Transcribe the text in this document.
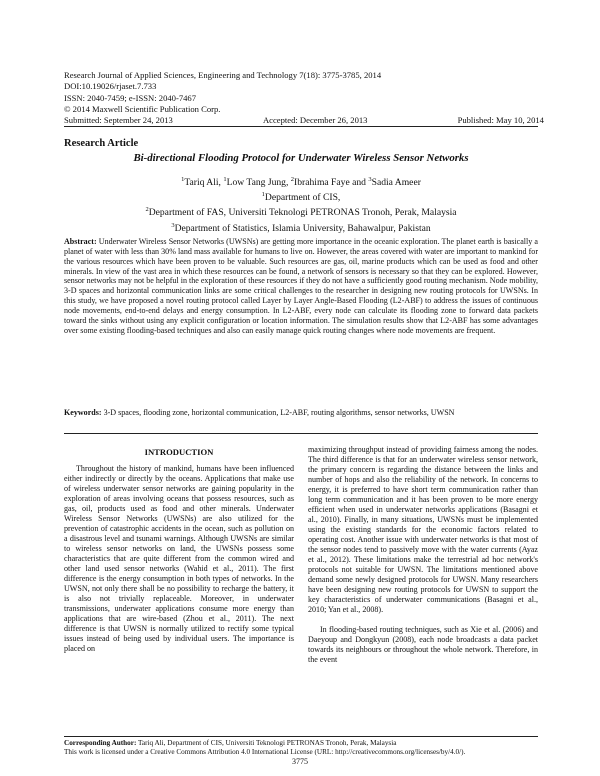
Research Journal of Applied Sciences, Engineering and Technology 7(18): 3775-3785, 2014
DOI:10.19026/rjaset.7.733
ISSN: 2040-7459; e-ISSN: 2040-7467
© 2014 Maxwell Scientific Publication Corp.
Submitted: September 24, 2013	Accepted: December 26, 2013	Published: May 10, 2014
Research Article
Bi-directional Flooding Protocol for Underwater Wireless Sensor Networks
$^1$Tariq Ali, $^1$Low Tang Jung, $^2$Ibrahima Faye and $^3$Sadia Ameer
$^1$Department of CIS,
$^2$Department of FAS, Universiti Teknologi PETRONAS Tronoh, Perak, Malaysia
$^3$Department of Statistics, Islamia University, Bahawalpur, Pakistan
Abstract: Underwater Wireless Sensor Networks (UWSNs) are getting more importance in the oceanic exploration. The planet earth is basically a planet of water with less than 30% land mass available for humans to live on. However, the areas covered with water are important to mankind for the various resources which have been proven to be valuable. Such resources are gas, oil, marine products which can be used as food and other minerals. In view of the vast area in which these resources can be found, a network of sensors is necessary so that they can be explored. However, sensor networks may not be helpful in the exploration of these resources if they do not have a sufficiently good routing mechanism. Node mobility, 3-D spaces and horizontal communication links are some critical challenges to the researcher in designing new routing protocols for UWSNs. In this study, we have proposed a novel routing protocol called Layer by Layer Angle-Based Flooding (L2-ABF) to address the issues of continuous node movements, end-to-end delays and energy consumption. In L2-ABF, every node can calculate its flooding zone to forward data packets toward the sinks without using any explicit configuration or location information. The simulation results show that L2-ABF has some advantages over some existing flooding-based techniques and also can easily manage quick routing changes where node movements are frequent.
Keywords: 3-D spaces, flooding zone, horizontal communication, L2-ABF, routing algorithms, sensor networks, UWSN
INTRODUCTION

Throughout the history of mankind, humans have been influenced either indirectly or directly by the oceans. Applications that make use of wireless underwater sensor networks are gaining popularity in the exploration of areas involving oceans that possess resources, such as gas, oil, products used as food and other minerals. Underwater Wireless Sensor Networks (UWSNs) are also utilized for the prevention of catastrophic accidents in the ocean, such as pollution on a disastrous level and tsunami warnings. Although UWSNs are similar to wireless sensor networks on land, the UWSNs possess some characteristics that are quite different from the common wired and other land used sensor networks (Wahid et al., 2011). The first difference is the energy consumption in both types of networks. In the UWSN, not only there shall be no possibility to recharge the battery, it is also not trivially replaceable. Moreover, in underwater transmissions, underwater applications consume more energy than applications that are wire-based (Zhou et al., 2011). The next difference is that UWSN is normally utilized to rectify some typical issues instead of being used by individual users. The importance is placed on

maximizing throughput instead of providing fairness among the nodes. The third difference is that for an underwater wireless sensor network, the primary concern is regarding the distance between the links and number of hops and also the reliability of the network. In concerns to energy, it is preferred to have short term communication rather than long term communication and it has been proven to be more energy efficient when used in underwater networks applications (Basagni et al., 2010). Finally, in many situations, UWSNs must be implemented using the existing standards for the economic factors related to operating cost. Another issue with underwater networks is that most of the sensor nodes tend to passively move with the water currents (Ayaz et al., 2012). These limitations make the terrestrial ad hoc network's protocols not suitable for UWSN. The limitations mentioned above demand some newly designed protocols for UWSN. Many researchers have been designing new routing protocols for UWSN to support the key characteristics of underwater communications (Basagni et al., 2010; Yan et al., 2008).

In flooding-based routing techniques, such as Xie et al. (2006) and Daeyoup and Dongkyun (2008), each node broadcasts a data packet towards its neighbours or throughout the whole network. Therefore, in the event

Corresponding Author: Tariq Ali, Department of CIS, Universiti Teknologi PETRONAS Tronoh, Perak, Malaysia
This work is licensed under a Creative Commons Attribution 4.0 International License (URL: http://creativecommons.org/licenses/by/4.0/).
3775
